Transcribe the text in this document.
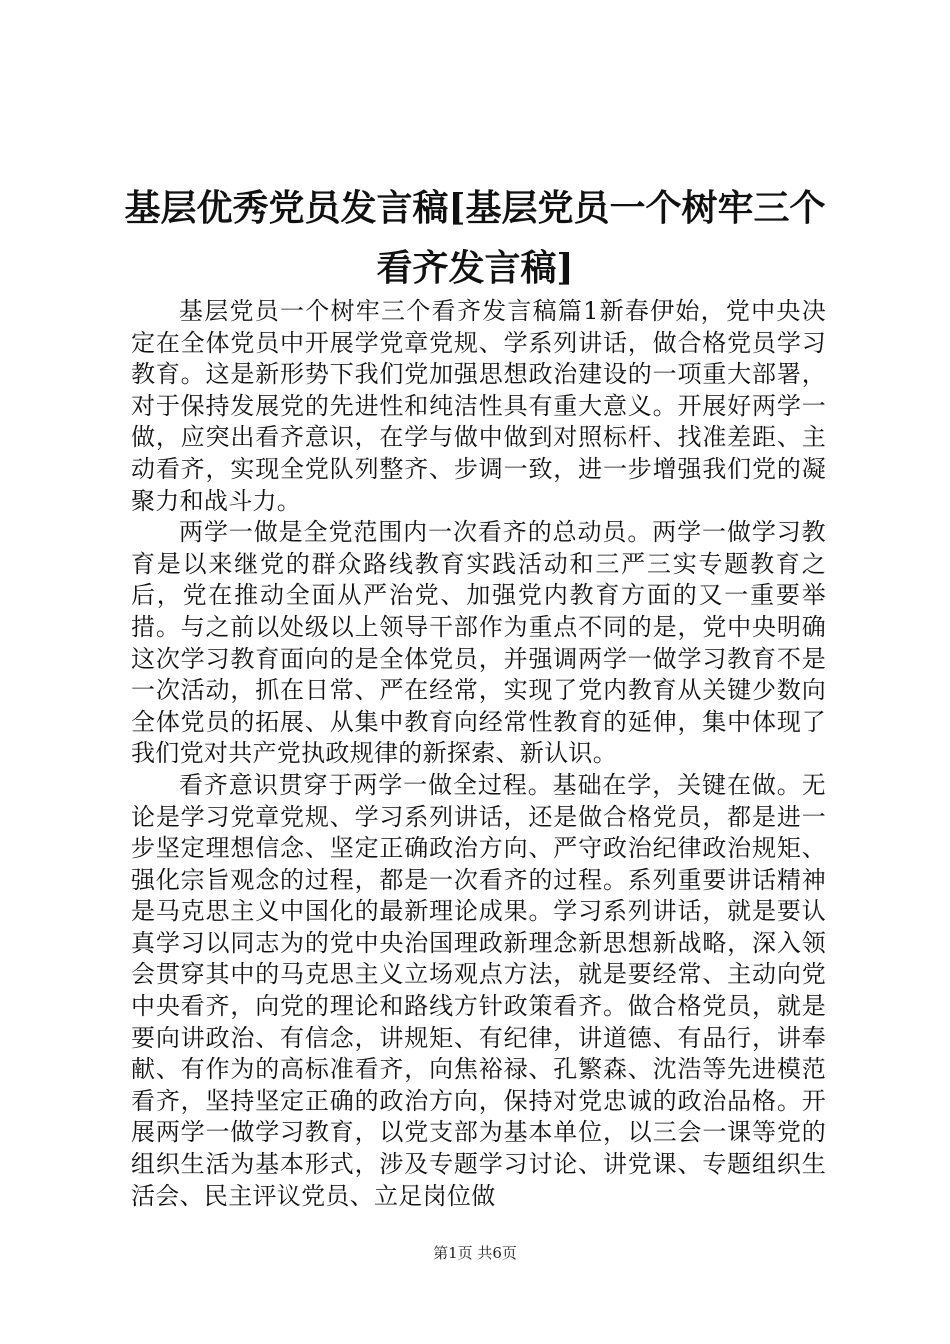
基层优秀党员发言稿[基层党员一个树牢三个
看齐发言稿]

基层党员一个树牢三个看齐发言稿篇1新春伊始，党中央决定在全体党员中开展学党章党规、学系列讲话，做合格党员学习教育。这是新形势下我们党加强思想政治建设的一项重大部署，对于保持发展党的先进性和纯洁性具有重大意义。开展好两学一做，应突出看齐意识，在学与做中做到对照标杆、找准差距、主动看齐，实现全党队列整齐、步调一致，进一步增强我们党的凝聚力和战斗力。

两学一做是全党范围内一次看齐的总动员。两学一做学习教育是以来继党的群众路线教育实践活动和三严三实专题教育之后，党在推动全面从严治党、加强党内教育方面的又一重要举措。与之前以处级以上领导干部作为重点不同的是，党中央明确这次学习教育面向的是全体党员，并强调两学一做学习教育不是一次活动，抓在日常、严在经常，实现了党内教育从关键少数向全体党员的拓展、从集中教育向经常性教育的延伸，集中体现了我们党对共产党执政规律的新探索、新认识。

看齐意识贯穿于两学一做全过程。基础在学，关键在做。无论是学习党章党规、学习系列讲话，还是做合格党员，都是进一步坚定理想信念、坚定正确政治方向、严守政治纪律政治规矩、强化宗旨观念的过程，都是一次看齐的过程。系列重要讲话精神是马克思主义中国化的最新理论成果。学习系列讲话，就是要认真学习以同志为的党中央治国理政新理念新思想新战略，深入领会贯穿其中的马克思主义立场观点方法，就是要经常、主动向党中央看齐，向党的理论和路线方针政策看齐。做合格党员，就是要向讲政治、有信念，讲规矩、有纪律，讲道德、有品行，讲奉献、有作为的高标准看齐，向焦裕禄、孔繁森、沈浩等先进模范看齐，坚持坚定正确的政治方向，保持对党忠诚的政治品格。开展两学一做学习教育，以党支部为基本单位，以三会一课等党的组织生活为基本形式，涉及专题学习讨论、讲党课、专题组织生活会、民主评议党员、立足岗位做

第1页 共6页
